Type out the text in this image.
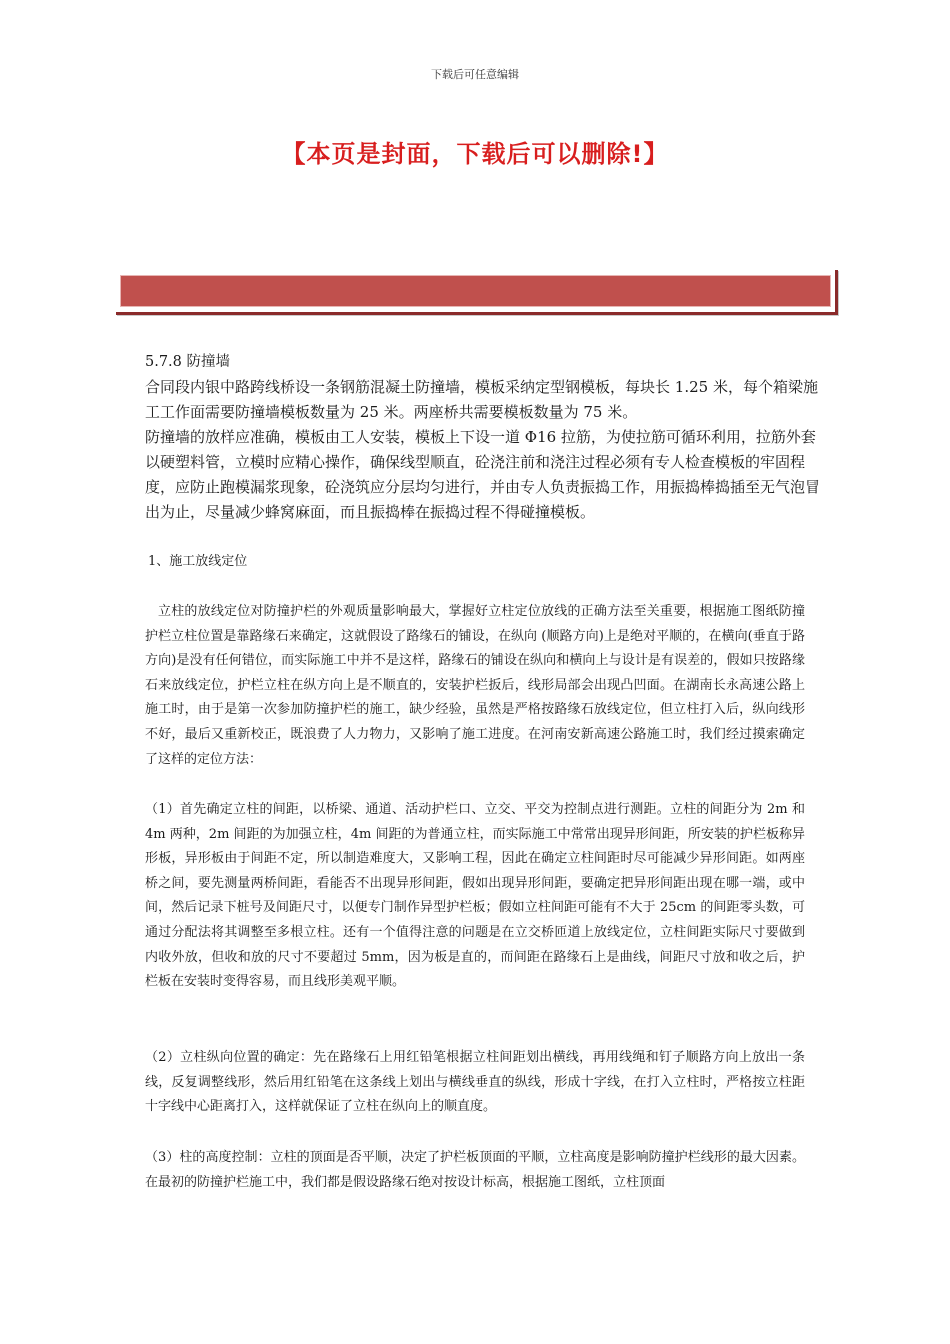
下载后可任意编辑
【本页是封面，下载后可以删除!】

5.7.8 防撞墙

合同段内银中路跨线桥设一条钢筋混凝土防撞墙，模板采纳定型钢模板，每块长 1.25 米，每个箱梁施工工作面需要防撞墙模板数量为 25 米。两座桥共需要模板数量为 75 米。

防撞墙的放样应准确，模板由工人安装，模板上下设一道 Φ16 拉筋，为使拉筋可循环利用，拉筋外套以硬塑料管，立模时应精心操作，确保线型顺直，砼浇注前和浇注过程必须有专人检查模板的牢固程度，应防止跑模漏浆现象，砼浇筑应分层均匀进行，并由专人负责振捣工作，用振捣棒捣插至无气泡冒出为止，尽量减少蜂窝麻面，而且振捣棒在振捣过程不得碰撞模板。

1、施工放线定位

立柱的放线定位对防撞护栏的外观质量影响最大，掌握好立柱定位放线的正确方法至关重要，根据施工图纸防撞护栏立柱位置是靠路缘石来确定，这就假设了路缘石的铺设，在纵向 (顺路方向)上是绝对平顺的，在横向(垂直于路方向)是没有任何错位，而实际施工中并不是这样，路缘石的铺设在纵向和横向上与设计是有误差的，假如只按路缘石来放线定位，护栏立柱在纵方向上是不顺直的，安装护栏扳后，线形局部会出现凸凹面。在湖南长永高速公路上施工时，由于是第一次参加防撞护栏的施工，缺少经验，虽然是严格按路缘石放线定位，但立柱打入后，纵向线形不好，最后又重新校正，既浪费了人力物力，又影响了施工进度。在河南安新高速公路施工时，我们经过摸索确定了这样的定位方法：

（1）首先确定立柱的间距，以桥梁、通道、活动护栏口、立交、平交为控制点进行测距。立柱的间距分为 2m 和 4m 两种，2m 间距的为加强立柱，4m 间距的为普通立柱，而实际施工中常常出现异形间距，所安装的护栏板称异形板，异形板由于间距不定，所以制造难度大，又影响工程，因此在确定立柱间距时尽可能减少异形间距。如两座桥之间，要先测量两桥间距，看能否不出现异形间距，假如出现异形间距，要确定把异形间距出现在哪一端，或中间，然后记录下桩号及间距尺寸，以便专门制作异型护栏板；假如立柱间距可能有不大于 25cm 的间距零头数，可通过分配法将其调整至多根立柱。还有一个值得注意的问题是在立交桥匝道上放线定位，立柱间距实际尺寸要做到内收外放，但收和放的尺寸不要超过 5mm，因为板是直的，而间距在路缘石上是曲线，间距尺寸放和收之后，护栏板在安装时变得容易，而且线形美观平顺。

（2）立柱纵向位置的确定：先在路缘石上用红铅笔根据立柱间距划出横线，再用线绳和钉子顺路方向上放出一条线，反复调整线形，然后用红铅笔在这条线上划出与横线垂直的纵线，形成十字线，在打入立柱时，严格按立柱距十字线中心距离打入，这样就保证了立柱在纵向上的顺直度。

（3）柱的高度控制：立柱的顶面是否平顺，决定了护栏板顶面的平顺，立柱高度是影响防撞护栏线形的最大因素。在最初的防撞护栏施工中，我们都是假设路缘石绝对按设计标高，根据施工图纸，立柱顶面
